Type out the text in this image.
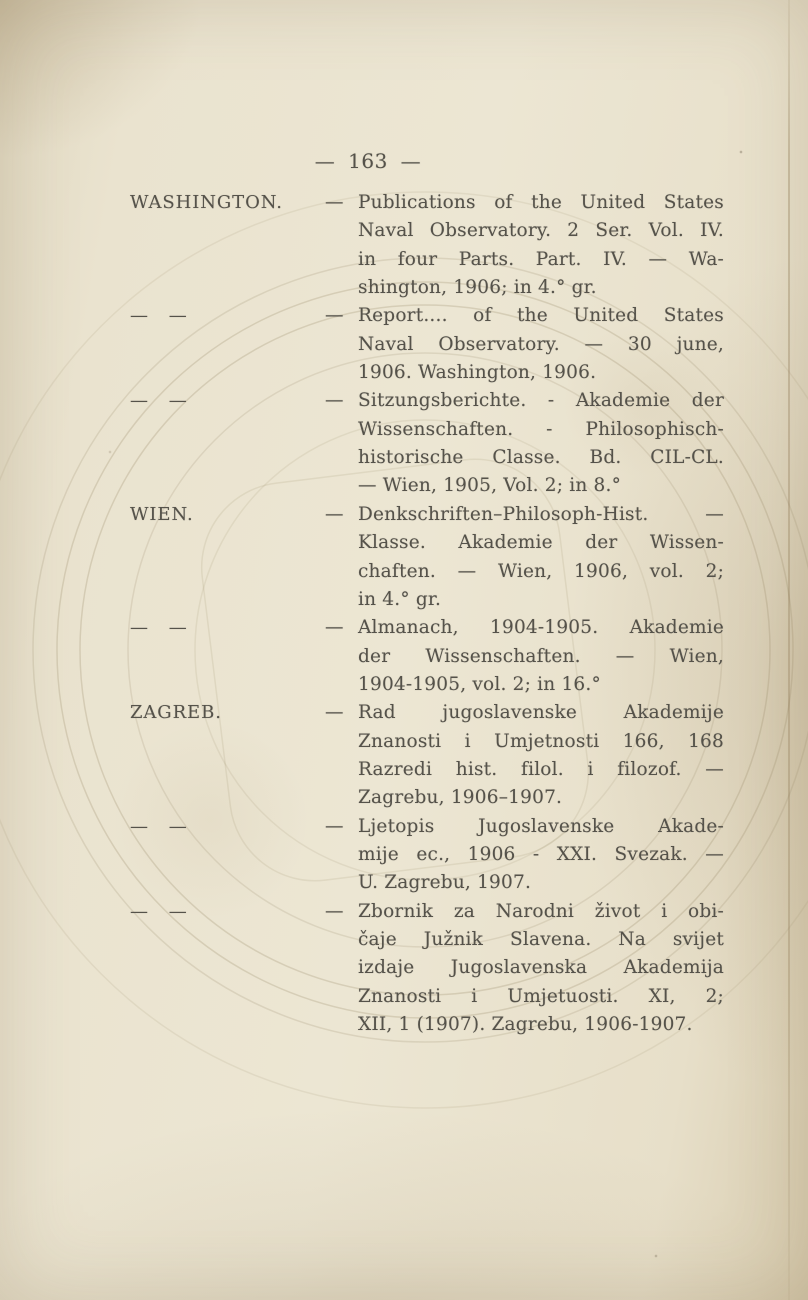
— 163 —
WASHINGTON.	— Publications of the United States
Naval Observatory. 2 Ser. Vol. IV.
in four Parts. Part. IV. — Wa-
shington, 1906; in 4.° gr.
— —	— Report.... of the United States
Naval Observatory. — 30 june,
1906. Washington, 1906.
— —	— Sitzungsberichte. - Akademie der
Wissenschaften. - Philosophisch-
historische Classe. Bd. CIL-CL.
— Wien, 1905, Vol. 2; in 8.°
WIEN.	— Denkschriften–Philosoph-Hist. —
Klasse. Akademie der Wissen-
chaften. — Wien, 1906, vol. 2;
in 4.° gr.
— —	— Almanach, 1904-1905. Akademie
der Wissenschaften. — Wien,
1904-1905, vol. 2; in 16.°
ZAGREB.	— Rad jugoslavenske Akademije
Znanosti i Umjetnosti 166, 168
Razredi hist. filol. i filozof. —
Zagrebu, 1906–1907.
— —	— Ljetopis Jugoslavenske Akade-
mije ec., 1906 - XXI. Svezak. —
U. Zagrebu, 1907.
— —	— Zbornik za Narodni život i obi-
čaje Južnik Slavena. Na svijet
izdaje Jugoslavenska Akademija
Znanosti i Umjetuosti. XI, 2;
XII, 1 (1907). Zagrebu, 1906-1907.
